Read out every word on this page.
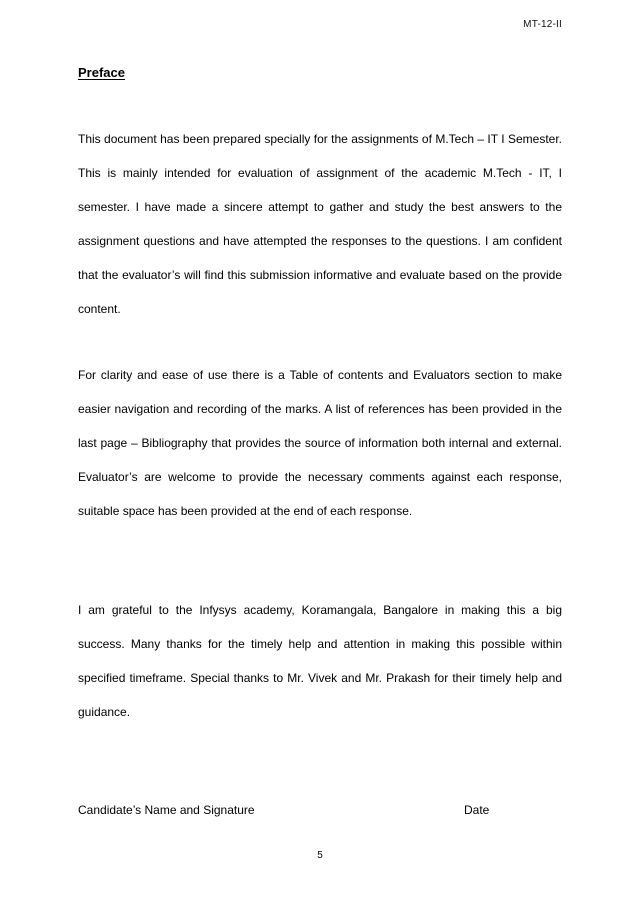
MT-12-II
Preface

This document has been prepared specially for the assignments of M.Tech – IT I Semester. This is mainly intended for evaluation of assignment of the academic M.Tech - IT, I semester. I have made a sincere attempt to gather and study the best answers to the assignment questions and have attempted the responses to the questions. I am confident that the evaluator’s will find this submission informative and evaluate based on the provide content.

For clarity and ease of use there is a Table of contents and Evaluators section to make easier navigation and recording of the marks. A list of references has been provided in the last page – Bibliography that provides the source of information both internal and external. Evaluator’s are welcome to provide the necessary comments against each response, suitable space has been provided at the end of each response.

I am grateful to the Infysys academy, Koramangala, Bangalore in making this a big success. Many thanks for the timely help and attention in making this possible within specified timeframe. Special thanks to Mr. Vivek and Mr. Prakash for their timely help and guidance.

Candidate’s Name and Signature	Date
5
